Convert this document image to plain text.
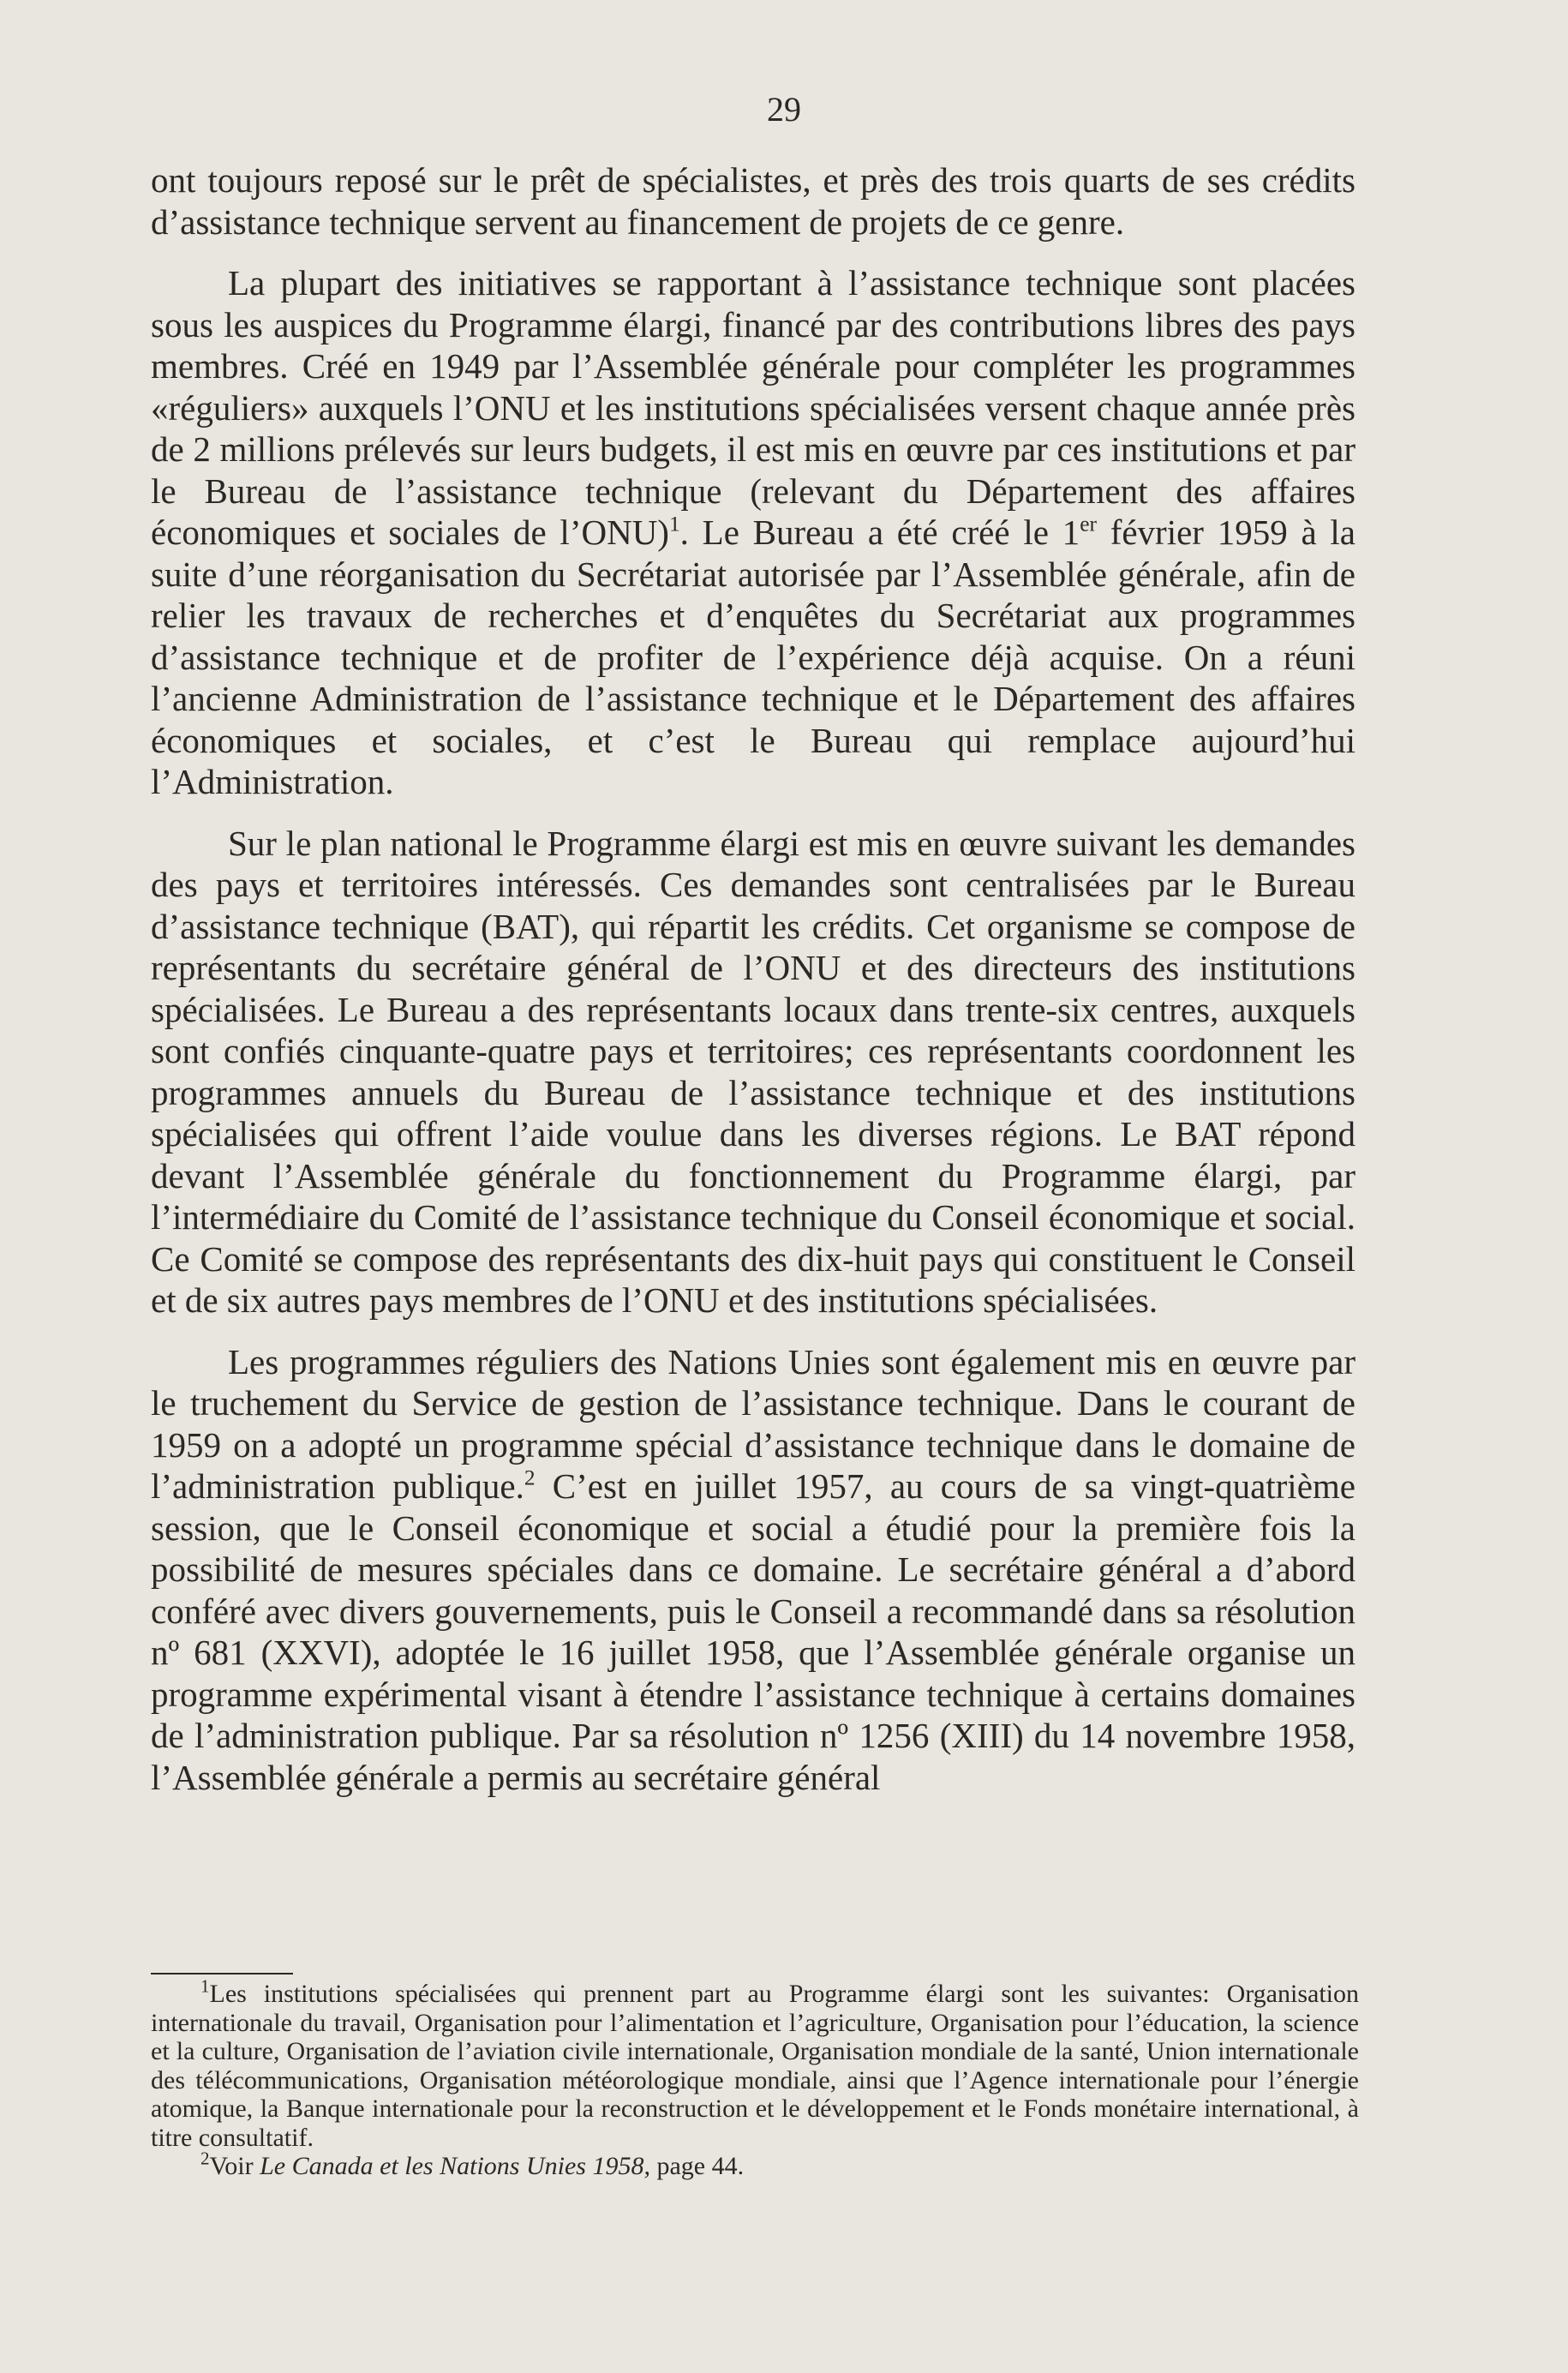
29

ont toujours reposé sur le prêt de spécialistes, et près des trois quarts de ses crédits d’assistance technique servent au financement de projets de ce genre.

La plupart des initiatives se rapportant à l’assistance technique sont placées sous les auspices du Programme élargi, financé par des contributions libres des pays membres. Créé en 1949 par l’Assemblée générale pour compléter les programmes «réguliers» auxquels l’ONU et les institutions spécialisées versent chaque année près de 2 millions prélevés sur leurs budgets, il est mis en œuvre par ces institutions et par le Bureau de l’assistance technique (relevant du Département des affaires économiques et sociales de l’ONU)$^1$. Le Bureau a été créé le 1er février 1959 à la suite d’une réorganisation du Secrétariat autorisée par l’Assemblée générale, afin de relier les travaux de recherches et d’enquêtes du Secrétariat aux programmes d’assistance technique et de profiter de l’expérience déjà acquise. On a réuni l’ancienne Administration de l’assistance technique et le Département des affaires économiques et sociales, et c’est le Bureau qui remplace aujourd’hui l’Administration.

Sur le plan national le Programme élargi est mis en œuvre suivant les demandes des pays et territoires intéressés. Ces demandes sont centralisées par le Bureau d’assistance technique (BAT), qui répartit les crédits. Cet organisme se compose de représentants du secrétaire général de l’ONU et des directeurs des institutions spécialisées. Le Bureau a des représentants locaux dans trente-six centres, auxquels sont confiés cinquante-quatre pays et territoires; ces représentants coordonnent les programmes annuels du Bureau de l’assistance technique et des institutions spécialisées qui offrent l’aide voulue dans les diverses régions. Le BAT répond devant l’Assemblée générale du fonctionnement du Programme élargi, par l’intermédiaire du Comité de l’assistance technique du Conseil économique et social. Ce Comité se compose des représentants des dix-huit pays qui constituent le Conseil et de six autres pays membres de l’ONU et des institutions spécialisées.

Les programmes réguliers des Nations Unies sont également mis en œuvre par le truchement du Service de gestion de l’assistance technique. Dans le courant de 1959 on a adopté un programme spécial d’assistance technique dans le domaine de l’administration publique.$^2$ C’est en juillet 1957, au cours de sa vingt-quatrième session, que le Conseil économique et social a étudié pour la première fois la possibilité de mesures spéciales dans ce domaine. Le secrétaire général a d’abord conféré avec divers gouvernements, puis le Conseil a recommandé dans sa résolution nº 681 (XXVI), adoptée le 16 juillet 1958, que l’Assemblée générale organise un programme expérimental visant à étendre l’assistance technique à certains domaines de l’administration publique. Par sa résolution nº 1256 (XIII) du 14 novembre 1958, l’Assemblée générale a permis au secrétaire général

$^1$Les institutions spécialisées qui prennent part au Programme élargi sont les suivantes: Organisation internationale du travail, Organisation pour l’alimentation et l’agriculture, Organisation pour l’éducation, la science et la culture, Organisation de l’aviation civile internationale, Organisation mondiale de la santé, Union internationale des télécommunications, Organisation météorologique mondiale, ainsi que l’Agence internationale pour l’énergie atomique, la Banque internationale pour la reconstruction et le développement et le Fonds monétaire international, à titre consultatif.

$^2$Voir Le Canada et les Nations Unies 1958, page 44.
